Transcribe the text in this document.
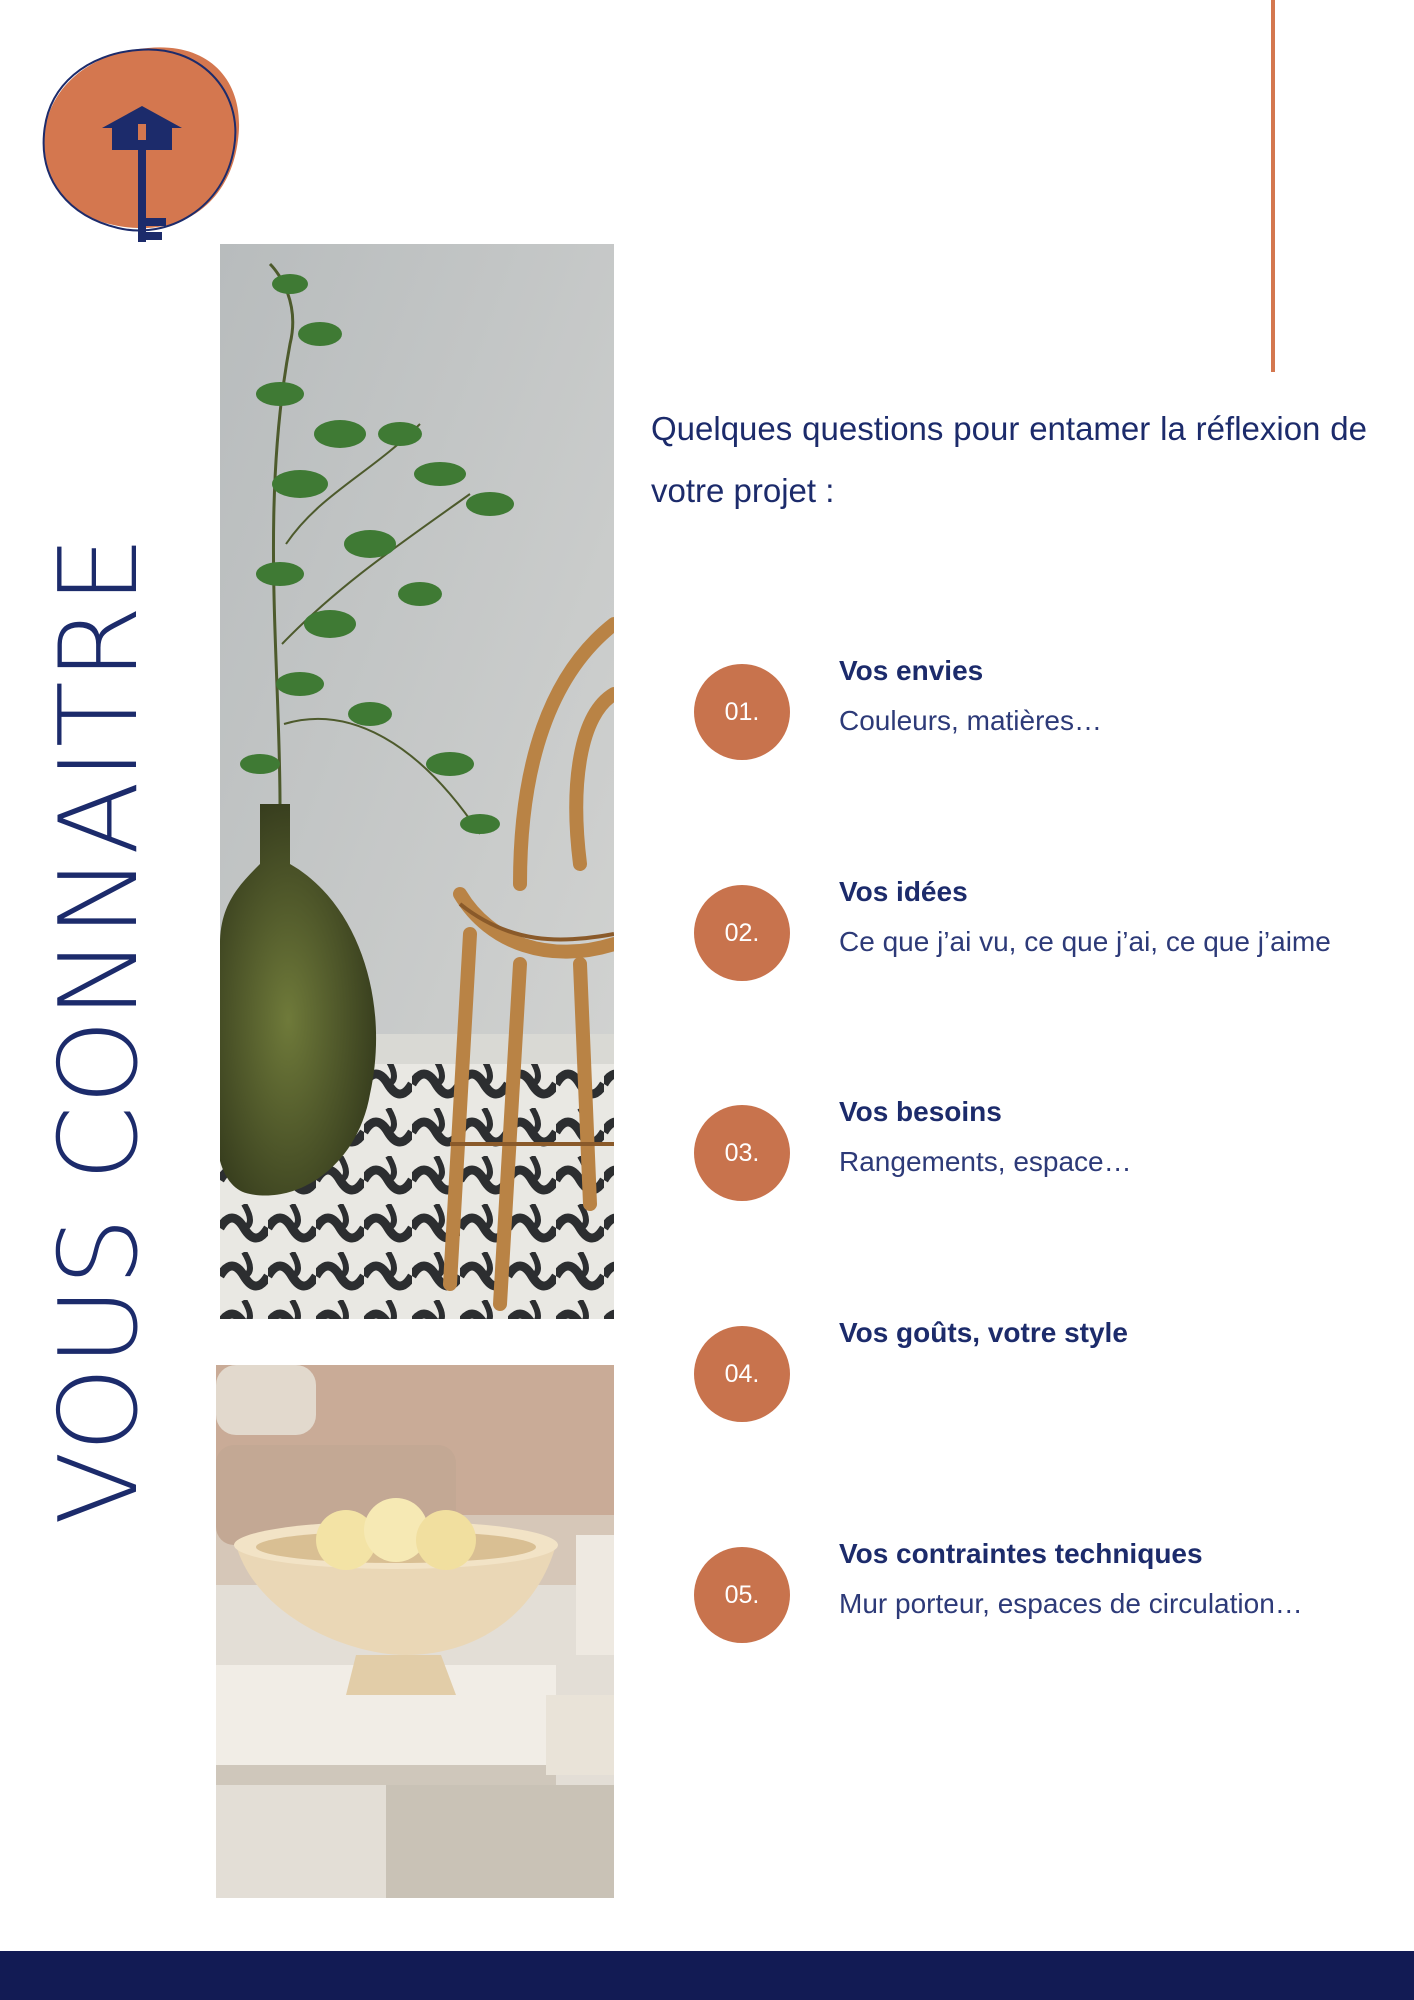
VOUS CONNAITRE
Quelques questions pour entamer la réflexion de votre projet :
01.
Vos envies
Couleurs, matières…
02.
Vos idées
Ce que j’ai vu, ce que j’ai, ce que j’aime
03.
Vos besoins
Rangements, espace…
04.
Vos goûts, votre style
05.
Vos contraintes techniques
Mur porteur, espaces de circulation…
